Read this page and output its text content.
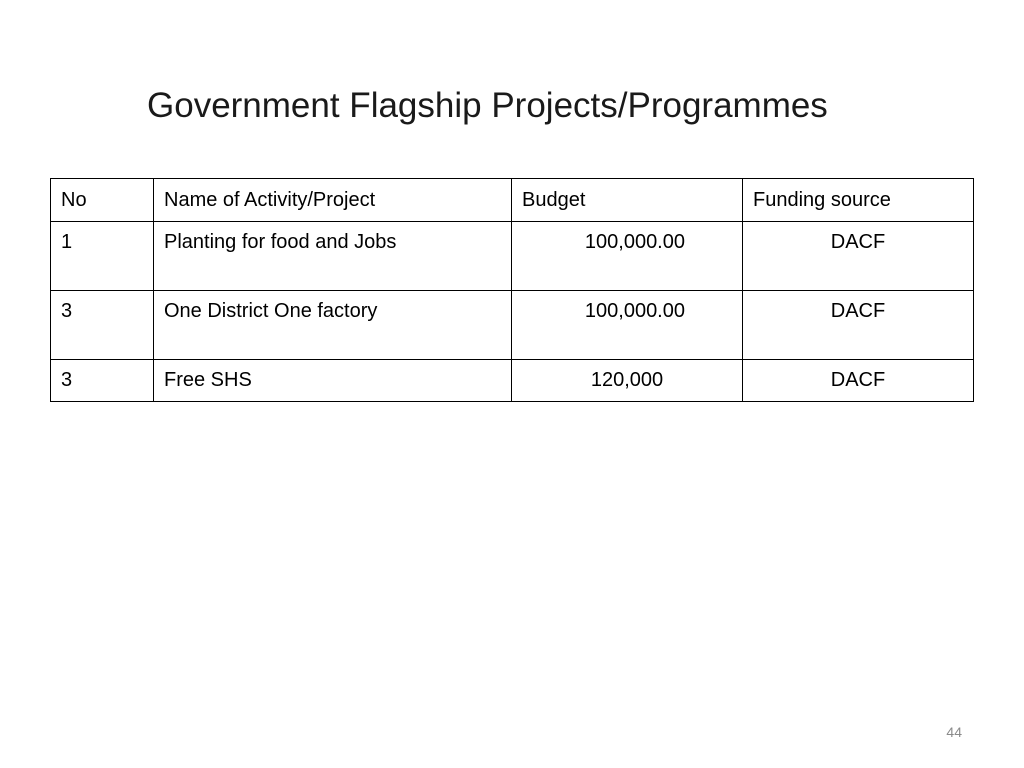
Government Flagship Projects/Programmes
No	Name of Activity/Project	Budget	Funding source
1	Planting for food and Jobs	100,000.00	DACF
3	One District One factory	100,000.00	DACF
3	Free SHS	120,000	DACF
44
